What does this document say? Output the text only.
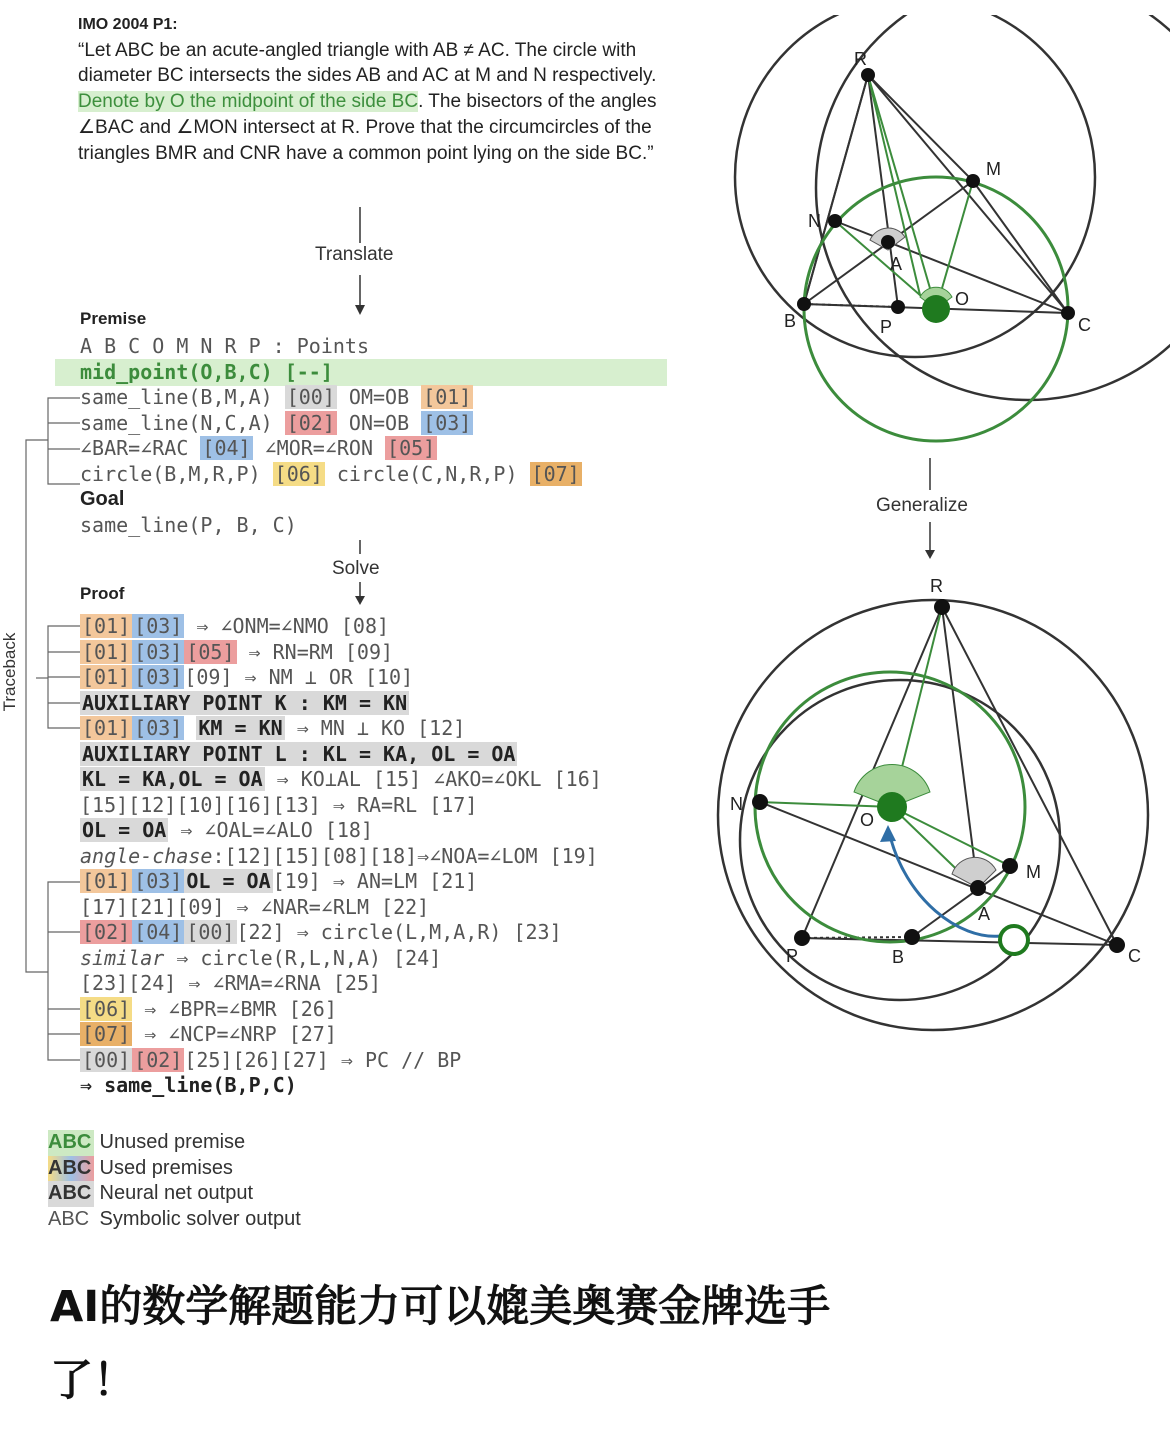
IMO 2004 P1:
“Let ABC be an acute-angled triangle with AB ≠ AC. The circle with diameter BC intersects the sides AB and AC at M and N respectively. Denote by O the midpoint of the side BC. The bisectors of the angles ∠BAC and ∠MON intersect at R. Prove that the circumcircles of the triangles BMR and CNR have a common point lying on the side BC.”
Translate
Premise
A B C O M N R P : Points
mid_point(O,B,C) [--]
same_line(B,M,A) [00] OM=OB [01]
same_line(N,C,A) [02] ON=OB [03]
∠BAR=∠RAC [04] ∠MOR=∠RON [05]
circle(B,M,R,P) [06] circle(C,N,R,P) [07]
Goal
same_line(P, B, C)
Solve
Proof
[01] [03] ⇒ ∠ONM=∠NMO [08]
[01] [03] [05] ⇒ RN=RM [09]
[01] [03] [09] ⇒ NM ⊥ OR [10]
AUXILIARY POINT K : KM = KN
[01] [03] KM = KN ⇒ MN ⊥ KO [12]
AUXILIARY POINT L : KL = KA, OL = OA
KL = KA,OL = OA ⇒ KO⊥AL [15] ∠AKO=∠OKL [16]
[15][12][10][16][13] ⇒ RA=RL [17]
OL = OA ⇒ ∠OAL=∠ALO [18]
angle-chase:[12][15][08][18]⇒∠NOA=∠LOM [19]
[01] [03] OL = OA [19] ⇒ AN=LM [21]
[17][21][09] ⇒ ∠NAR=∠RLM [22]
[02] [04] [00] [22] ⇒ circle(L,M,A,R) [23]
similar ⇒ circle(R,L,N,A) [24]
[23][24] ⇒ ∠RMA=∠RNA [25]
[06] ⇒ ∠BPR=∠BMR [26]
[07] ⇒ ∠NCP=∠NRP [27]
[00] [02] [25][26][27] ⇒ PC // BP
⇒ same_line(B,P,C)
Traceback
ABC Unused premise
ABC Used premises
ABC Neural net output
ABC Symbolic solver output
R
M
N
A
B	P
O
C
Generalize
R
N
O
M
A
P	B	C
AI的数学解题能力可以媲美奥赛金牌选手
了！
